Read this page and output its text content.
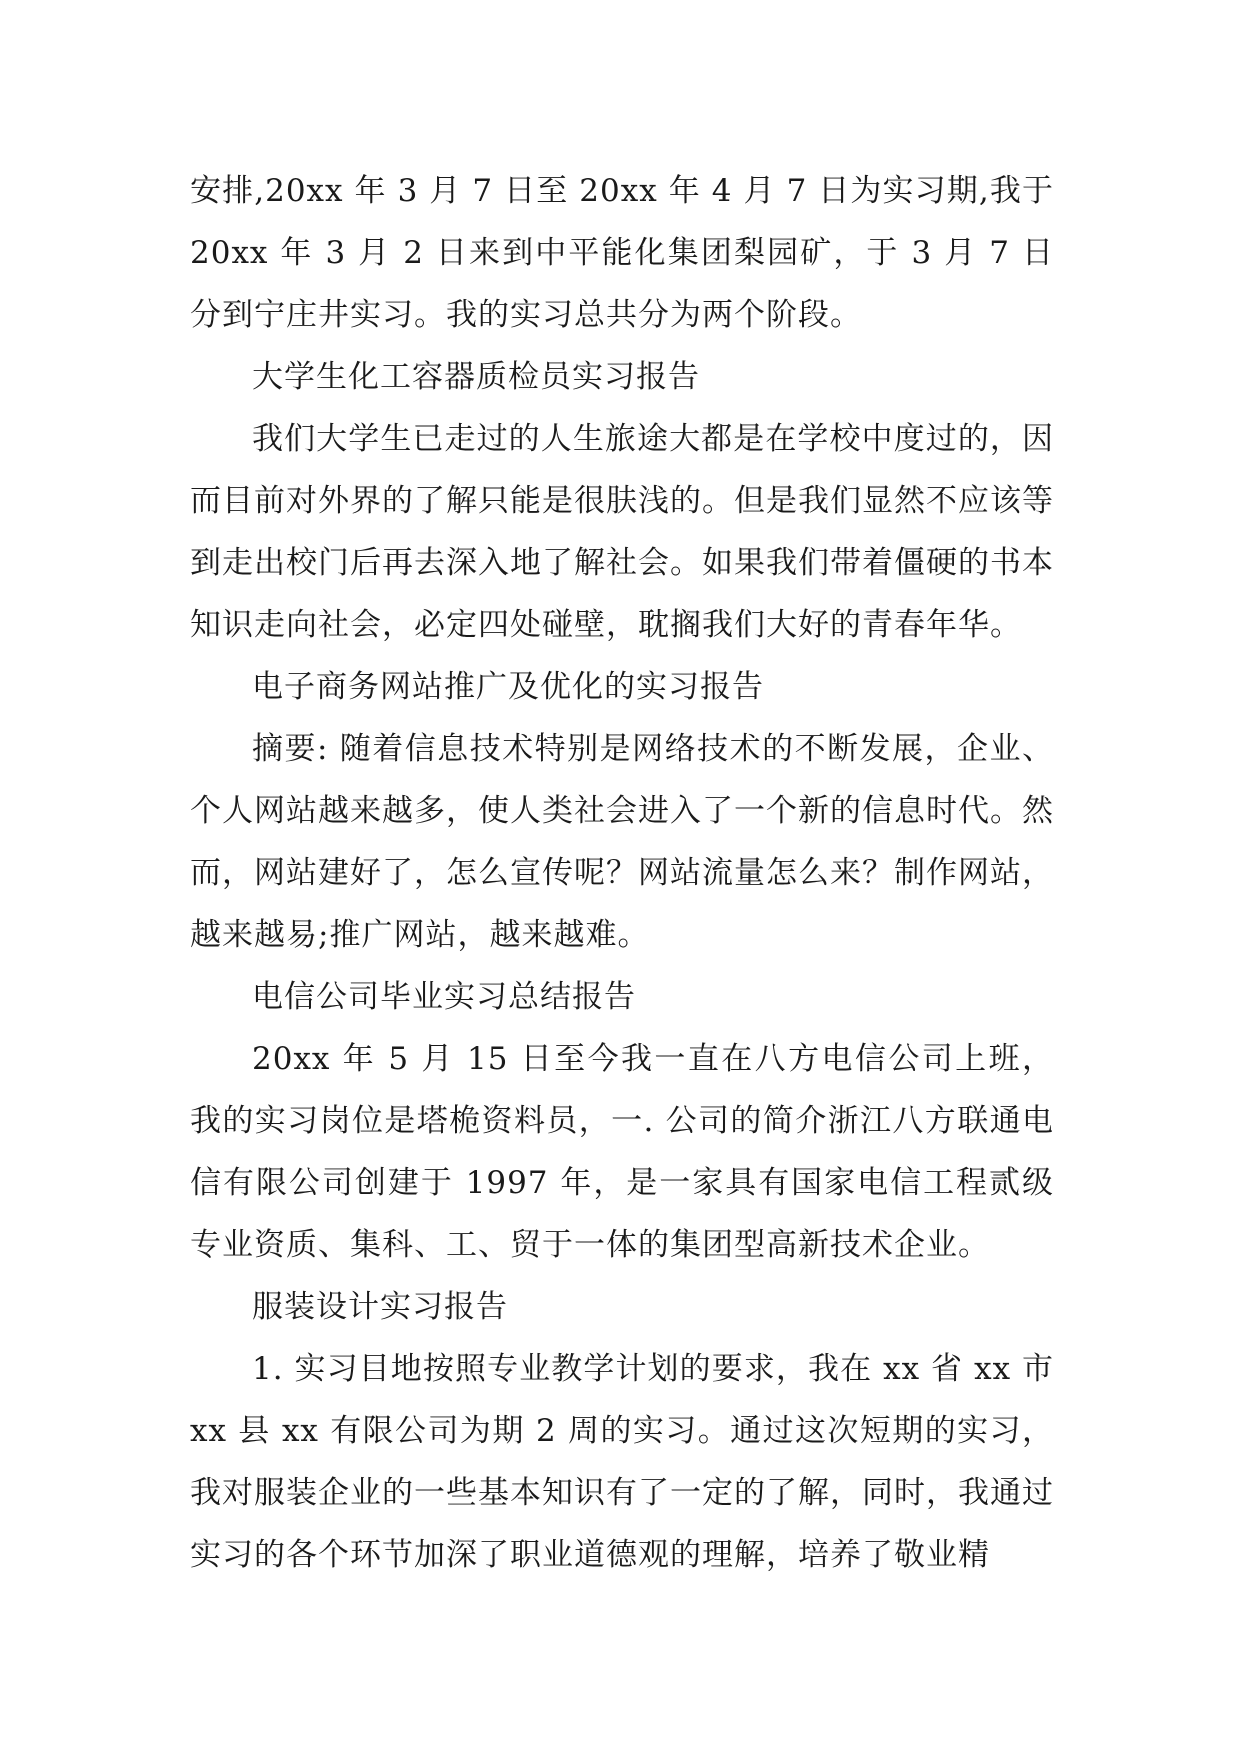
安排,20xx 年 3 月 7 日至 20xx 年 4 月 7 日为实习期,我于 20xx 年 3 月 2 日来到中平能化集团梨园矿，于 3 月 7 日分到宁庄井实习。我的实习总共分为两个阶段。

大学生化工容器质检员实习报告

我们大学生已走过的人生旅途大都是在学校中度过的，因而目前对外界的了解只能是很肤浅的。但是我们显然不应该等到走出校门后再去深入地了解社会。如果我们带着僵硬的书本知识走向社会，必定四处碰壁，耽搁我们大好的青春年华。

电子商务网站推广及优化的实习报告

摘要: 随着信息技术特别是网络技术的不断发展，企业、个人网站越来越多，使人类社会进入了一个新的信息时代。然而，网站建好了，怎么宣传呢？网站流量怎么来？制作网站，越来越易;推广网站，越来越难。

电信公司毕业实习总结报告

20xx 年 5 月 15 日至今我一直在八方电信公司上班，我的实习岗位是塔桅资料员，一. 公司的简介浙江八方联通电信有限公司创建于 1997 年，是一家具有国家电信工程贰级专业资质、集科、工、贸于一体的集团型高新技术企业。

服装设计实习报告

1. 实习目地按照专业教学计划的要求，我在 xx 省 xx 市 xx 县 xx 有限公司为期 2 周的实习。通过这次短期的实习，我对服装企业的一些基本知识有了一定的了解，同时，我通过实习的各个环节加深了职业道德观的理解，培养了敬业精
